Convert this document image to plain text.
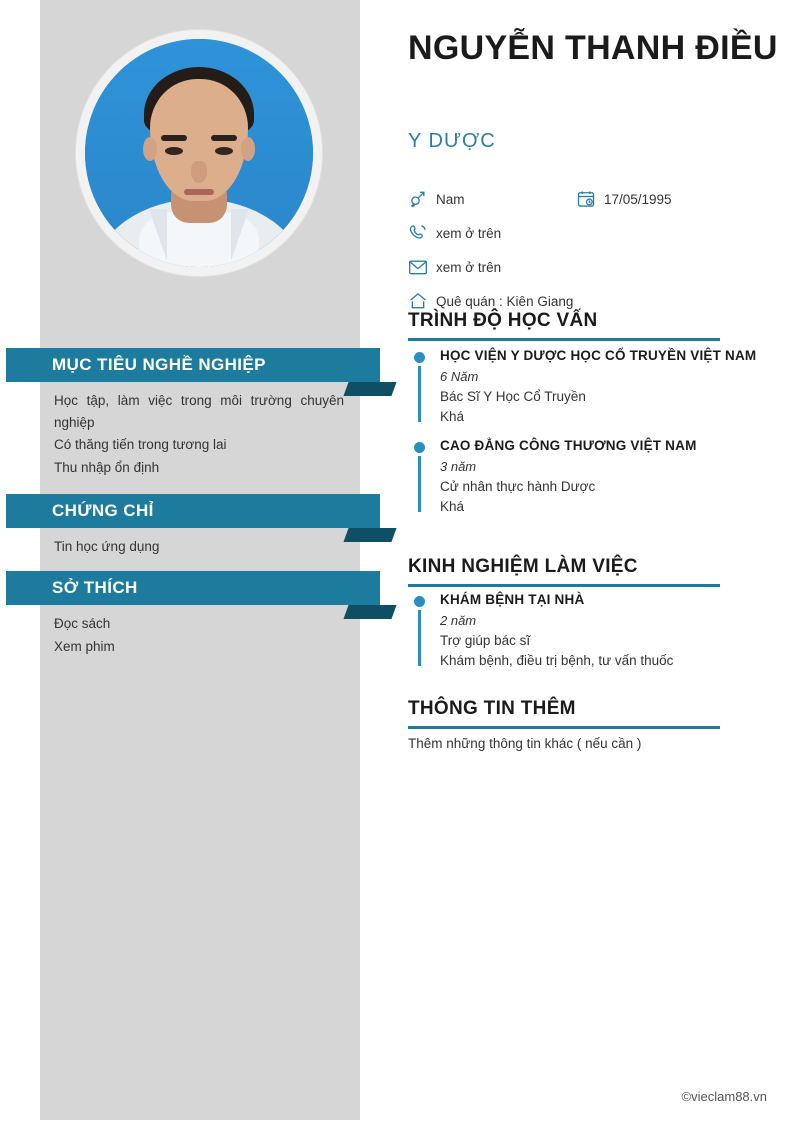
MỤC TIÊU NGHỀ NGHIỆP
Học tập, làm việc trong môi trường chuyên nghiệp
Có thăng tiến trong tương lai
Thu nhập ổn định
CHỨNG CHỈ
Tin học ứng dụng
SỞ THÍCH
Đọc sách
Xem phim
NGUYỄN THANH ĐIỀU
Y DƯỢC
Nam
xem ở trên
xem ở trên
Quê quán : Kiên Giang
17/05/1995
TRÌNH ĐỘ HỌC VẤN
HỌC VIỆN Y DƯỢC HỌC CỔ TRUYỀN VIỆT NAM
6 Năm
Bác Sĩ Y Học Cổ Truyền
Khá
CAO ĐẲNG CÔNG THƯƠNG VIỆT NAM
3 năm
Cử nhân thực hành Dược
Khá
KINH NGHIỆM LÀM VIỆC
KHÁM BỆNH TẠI NHÀ
2 năm
Trợ giúp bác sĩ
Khám bệnh, điều trị bệnh, tư vấn thuốc
THÔNG TIN THÊM
Thêm những thông tin khác ( nếu cần )
©vieclam88.vn
